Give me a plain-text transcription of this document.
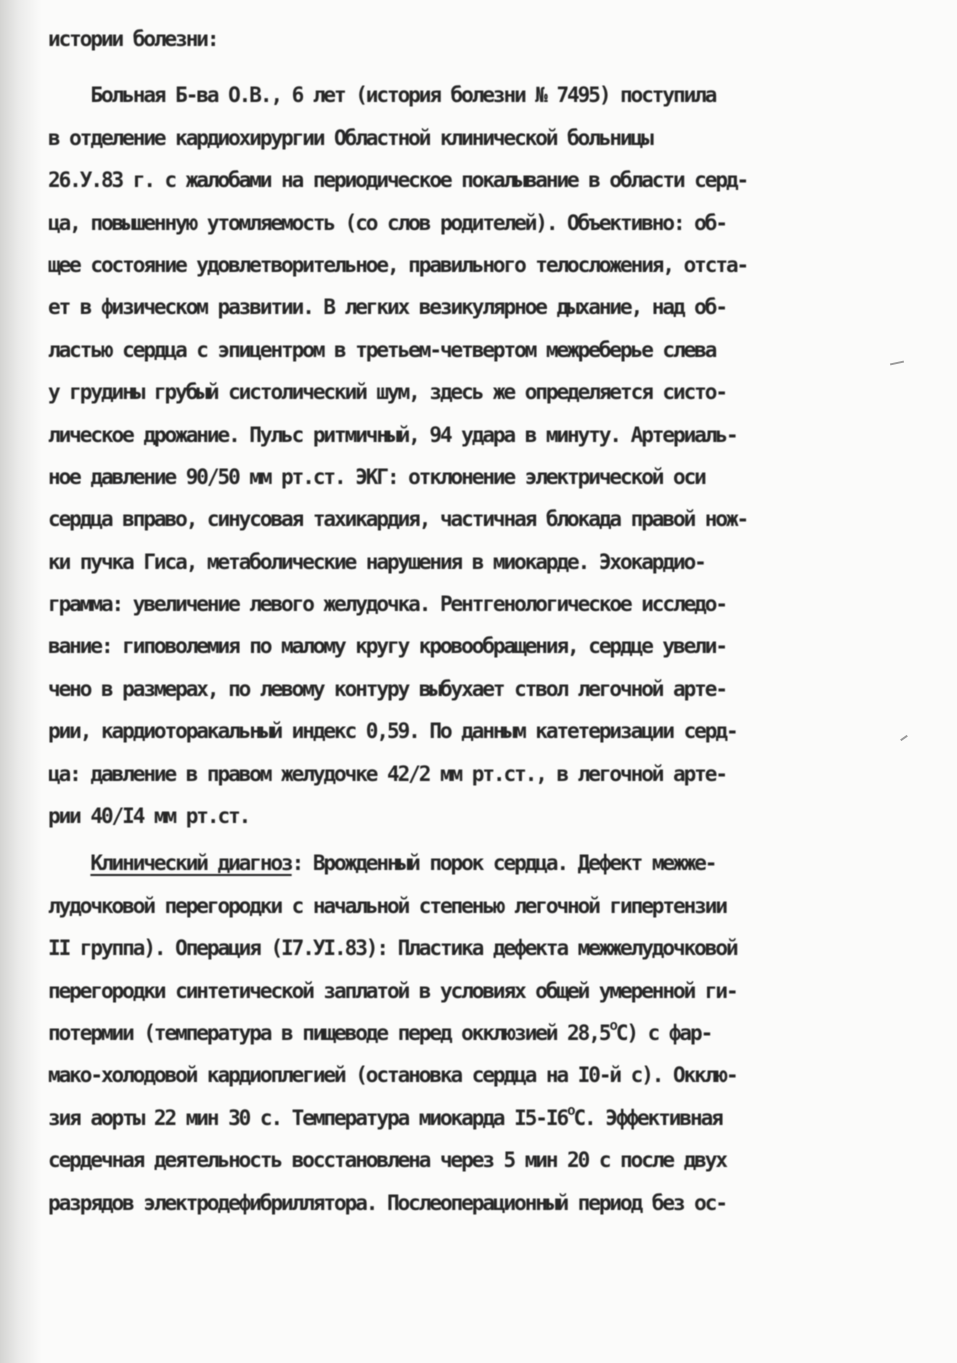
истории болезни:
Больная Б-ва О.В., 6 лет (история болезни № 7495) поступила
в отделение кардиохирургии Областной клинической больницы
26.У.83 г. с жалобами на периодическое покалывание в области серд-
ца, повышенную утомляемость (со слов родителей). Объективно: об-
щее состояние удовлетворительное, правильного телосложения, отста-
ет в физическом развитии. В легких везикулярное дыхание, над об-
ластью сердца с эпицентром в третьем-четвертом межреберье слева
у грудины грубый систолический шум, здесь же определяется систо-
лическое дрожание. Пульс ритмичный, 94 удара в минуту. Артериаль-
ное давление 90/50 мм рт.ст. ЭКГ: отклонение электрической оси
сердца вправо, синусовая тахикардия, частичная блокада правой нож-
ки пучка Гиса, метаболические нарушения в миокарде. Эхокардио-
грамма: увеличение левого желудочка. Рентгенологическое исследо-
вание: гиповолемия по малому кругу кровообращения, сердце увели-
чено в размерах, по левому контуру выбухает ствол легочной арте-
рии, кардиоторакальный индекс 0,59. По данным катетеризации серд-
ца: давление в правом желудочке 42/2 мм рт.ст., в легочной арте-
рии 40/I4 мм рт.ст.
Клинический диагноз: Врожденный порок сердца. Дефект межже-
лудочковой перегородки с начальной степенью легочной гипертензии
II группа). Операция (I7.УI.83): Пластика дефекта межжелудочковой
перегородки синтетической заплатой в условиях общей умеренной ги-
потермии (температура в пищеводе перед окклюзией 28,5$^o$C) с фар-
мако-холодовой кардиоплегией (остановка сердца на I0-й с). Окклю-
зия аорты 22 мин 30 с. Температура миокарда I5-I6$^o$C. Эффективная
сердечная деятельность восстановлена через 5 мин 20 с после двух
разрядов электродефибриллятора. Послеоперационный период без ос-
